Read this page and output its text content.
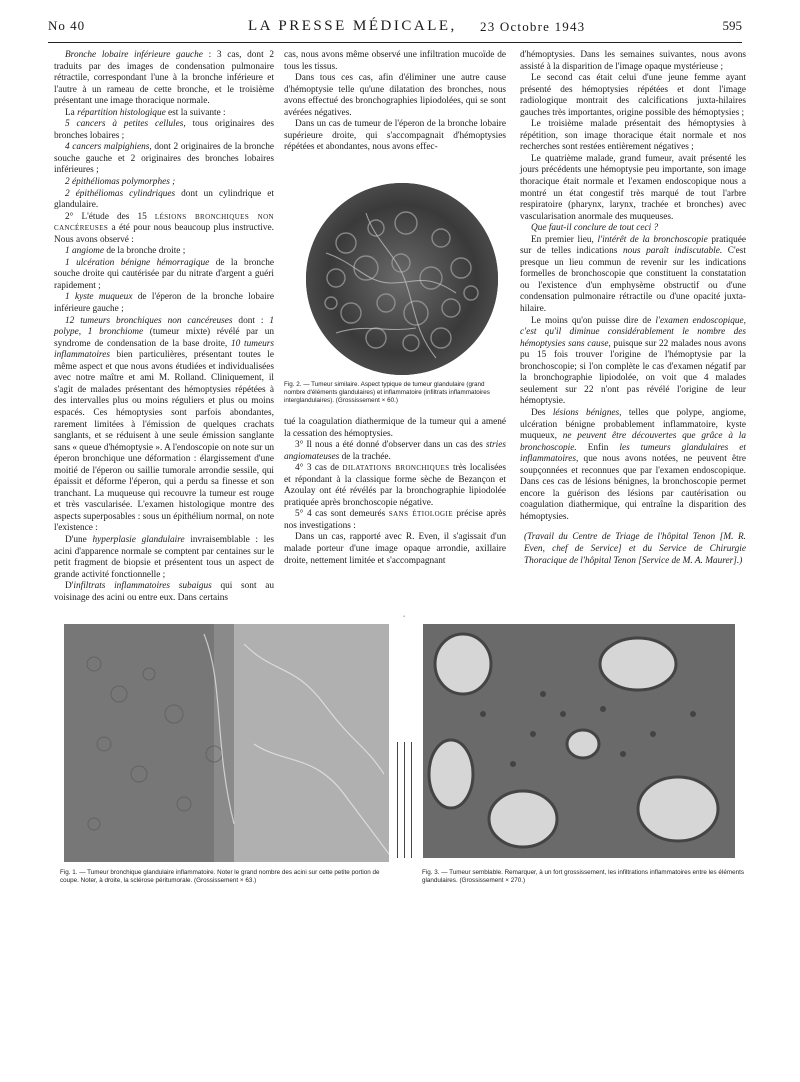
No 40	LA PRESSE MÉDICALE, 23 Octobre 1943	595

Bronche lobaire inférieure gauche : 3 cas, dont 2 traduits par des images de condensation pulmonaire rétractile, correspondant l'une à la bronche inférieure et l'autre à un rameau de cette bronche, et le troisième présentant une image thoracique normale.

La répartition histologique est la suivante :

5 cancers à petites cellules, tous originaires des bronches lobaires ;

4 cancers malpighiens, dont 2 originaires de la bronche souche gauche et 2 originaires des bronches lobaires inférieures ;

2 épithéliomas polymorphes ;

2 épithéliomas cylindriques dont un cylindrique et glandulaire.

2° L'étude des 15 lésions bronchiques non cancéreuses a été pour nous beaucoup plus instructive. Nous avons observé :

1 angiome de la bronche droite ;

1 ulcération bénigne hémorragique de la bronche souche droite qui cautérisée par du nitrate d'argent a guéri rapidement ;

1 kyste muqueux de l'éperon de la bronche lobaire inférieure gauche ;

12 tumeurs bronchiques non cancéreuses dont : 1 polype, 1 bronchiome (tumeur mixte) révélé par un syndrome de condensation de la base droite, 10 tumeurs inflammatoires bien particulières, présentant toutes le même aspect et que nous avons étudiées et individualisées avec notre maître et ami M. Rolland. Cliniquement, il s'agit de malades présentant des hémoptysies répétées à des intervalles plus ou moins réguliers et plus ou moins espacés. Ces hémoptysies sont parfois abondantes, rarement limitées à l'émission de quelques crachats sanglants, et se réduisent à une seule émission sanglante sans « queue d'hémoptysie ». A l'endoscopie on note sur un éperon bronchique une déformation : élargissement d'une moitié de l'éperon ou saillie tumorale arrondie sessile, qui épaissit et déforme l'éperon, qui a perdu sa finesse et son tranchant. La muqueuse qui recouvre la tumeur est rouge et très vascularisée. L'examen histologique montre des aspects superposables : sous un épithélium normal, on note l'existence :

D'une hyperplasie glandulaire invraisemblable : les acini d'apparence normale se comptent par centaines sur le petit fragment de biopsie et présentent tous un aspect de grande activité fonctionnelle ;

D'infiltrats inflammatoires subaigus qui sont au voisinage des acini ou entre eux. Dans certains

cas, nous avons même observé une infiltration mucoïde de tous les tissus.

Dans tous ces cas, afin d'éliminer une autre cause d'hémoptysie telle qu'une dilatation des bronches, nous avons effectué des bronchographies lipiodolées, qui se sont avérées négatives.

Dans un cas de tumeur de l'éperon de la bronche lobaire supérieure droite, qui s'accompagnait d'hémoptysies répétées et abondantes, nous avons effec-

Fig. 2. — Tumeur similaire. Aspect typique de tumeur glandulaire (grand nombre d'éléments glandulaires) et inflammatoire (infiltrats inflammatoires interglandulaires). (Grossissement × 60.)

tué la coagulation diathermique de la tumeur qui a amené la cessation des hémoptysies.

3° Il nous a été donné d'observer dans un cas des stries angiomateuses de la trachée.

4° 3 cas de dilatations bronchiques très localisées et répondant à la classique forme sèche de Bezançon et Azoulay ont été révélés par la bronchographie lipiodolée pratiquée après bronchoscopie négative.

5° 4 cas sont demeurés sans étiologie précise après nos investigations :

Dans un cas, rapporté avec R. Even, il s'agissait d'un malade porteur d'une image opaque arrondie, axillaire droite, nettement limitée et s'accompagnant

d'hémoptysies. Dans les semaines suivantes, nous avons assisté à la disparition de l'image opaque mystérieuse ;

Le second cas était celui d'une jeune femme ayant présenté des hémoptysies répétées et dont l'image radiologique montrait des calcifications juxta-hilaires gauches très importantes, origine possible des hémoptysies ;

Le troisième malade présentait des hémoptysies à répétition, son image thoracique était normale et nos recherches sont restées entièrement négatives ;

Le quatrième malade, grand fumeur, avait présenté les jours précédents une hémoptysie peu importante, son image thoracique était normale et l'examen endoscopique nous a montré un état congestif très marqué de tout l'arbre respiratoire (pharynx, larynx, trachée et bronches) avec vascularisation anormale des muqueuses.

Que faut-il conclure de tout ceci ?

En premier lieu, l'intérêt de la bronchoscopie pratiquée sur de telles indications nous paraît indiscutable. C'est presque un lieu commun de revenir sur les indications formelles de bronchoscopie que constituent la constatation ou l'existence d'un emphysème obstructif ou d'une condensation pulmonaire rétractile ou d'une opacité juxta-hilaire.

Le moins qu'on puisse dire de l'examen endoscopique, c'est qu'il diminue considérablement le nombre des hémoptysies sans cause, puisque sur 22 malades nous avons pu 15 fois trouver l'origine de l'hémoptysie par la bronchoscopie; si l'on complète le cas d'examen négatif par la bronchographie lipiodolée, on voit que 4 malades seulement sur 22 n'ont pas révélé l'origine de leur hémoptysie.

Des lésions bénignes, telles que polype, angiome, ulcération bénigne probablement inflammatoire, kyste muqueux, ne peuvent être découvertes que grâce à la bronchoscopie. Enfin les tumeurs glandulaires et inflammatoires, que nous avons notées, ne peuvent être soupçonnées et reconnues que par l'examen endoscopique. Dans ces cas de lésions bénignes, la bronchoscopie permet encore la guérison des lésions par cautérisation ou coagulation diathermique, qui entraîne la disparition des hémoptysies.

(Travail du Centre de Triage de l'hôpital Tenon [M. R. Even, chef de Service] et du Service de Chirurgie Thoracique de l'hôpital Tenon [Service de M. A. Maurer].)

ʻ
Fig. 1. — Tumeur bronchique glandulaire inflammatoire. Noter le grand nombre des acini sur cette petite portion de coupe. Noter, à droite, la sclérose péritumorale. (Grossissement × 63.)
Fig. 3. — Tumeur semblable. Remarquer, à un fort grossissement, les infiltrations inflammatoires entre les éléments glandulaires. (Grossissement × 270.)
